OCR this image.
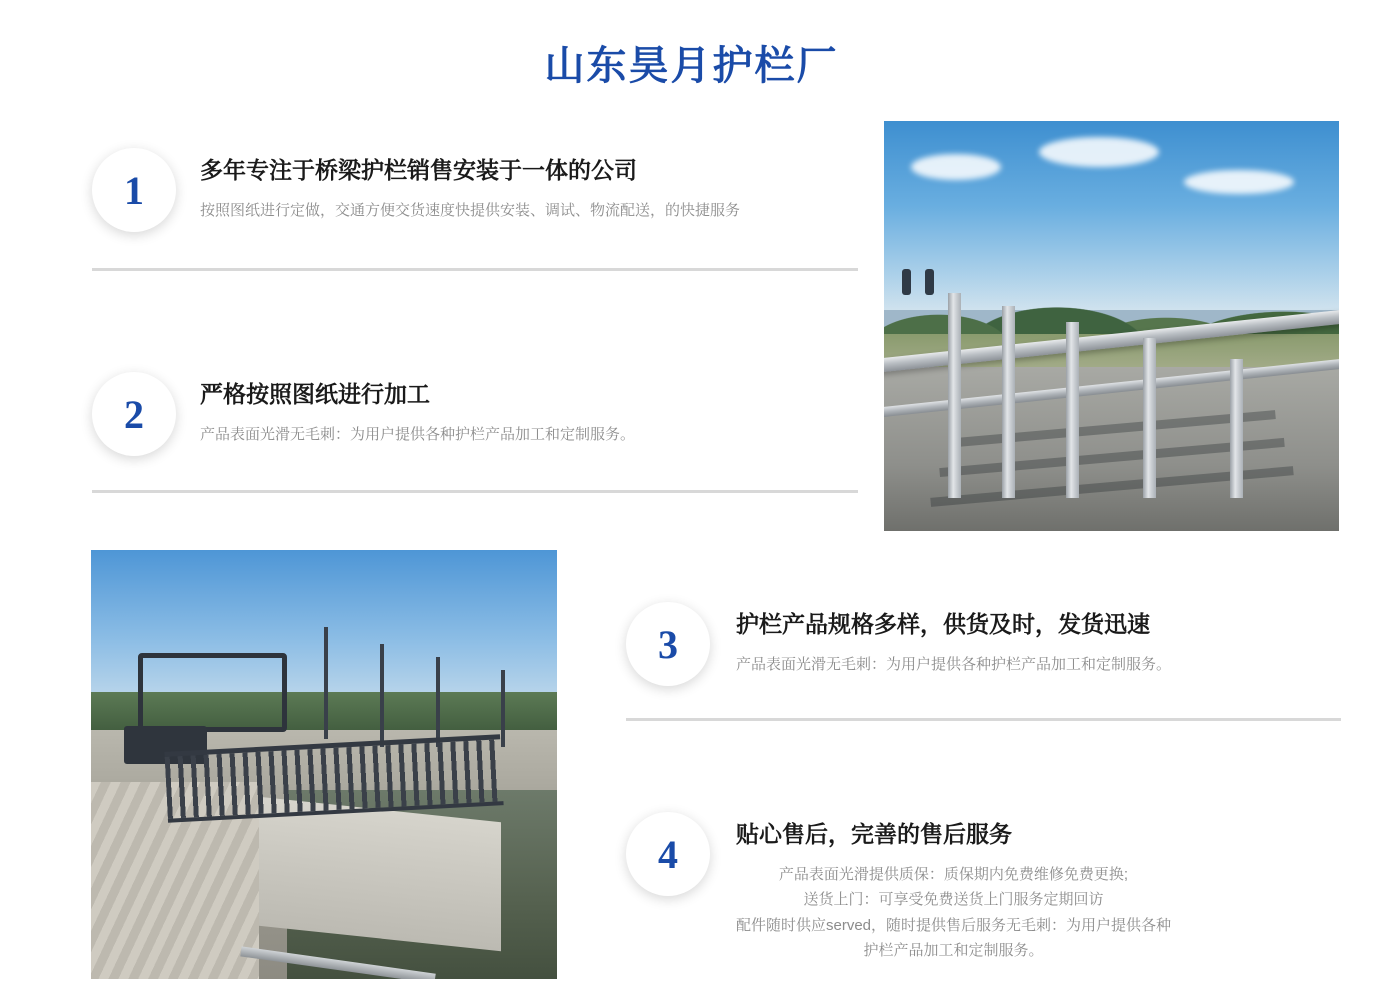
山东昊月护栏厂
1	多年专注于桥梁护栏销售安装于一体的公司
按照图纸进行定做，交通方便交货速度快提供安装、调试、物流配送，的快捷服务
2	严格按照图纸进行加工
产品表面光滑无毛刺：为用户提供各种护栏产品加工和定制服务。
3	护栏产品规格多样，供货及时，发货迅速
产品表面光滑无毛刺：为用户提供各种护栏产品加工和定制服务。
4	贴心售后，完善的售后服务
产品表面光滑提供质保：质保期内免费维修免费更换;
送货上门：可享受免费送货上门服务定期回访
配件随时供应served，随时提供售后服务无毛刺：为用户提供各种
护栏产品加工和定制服务。
